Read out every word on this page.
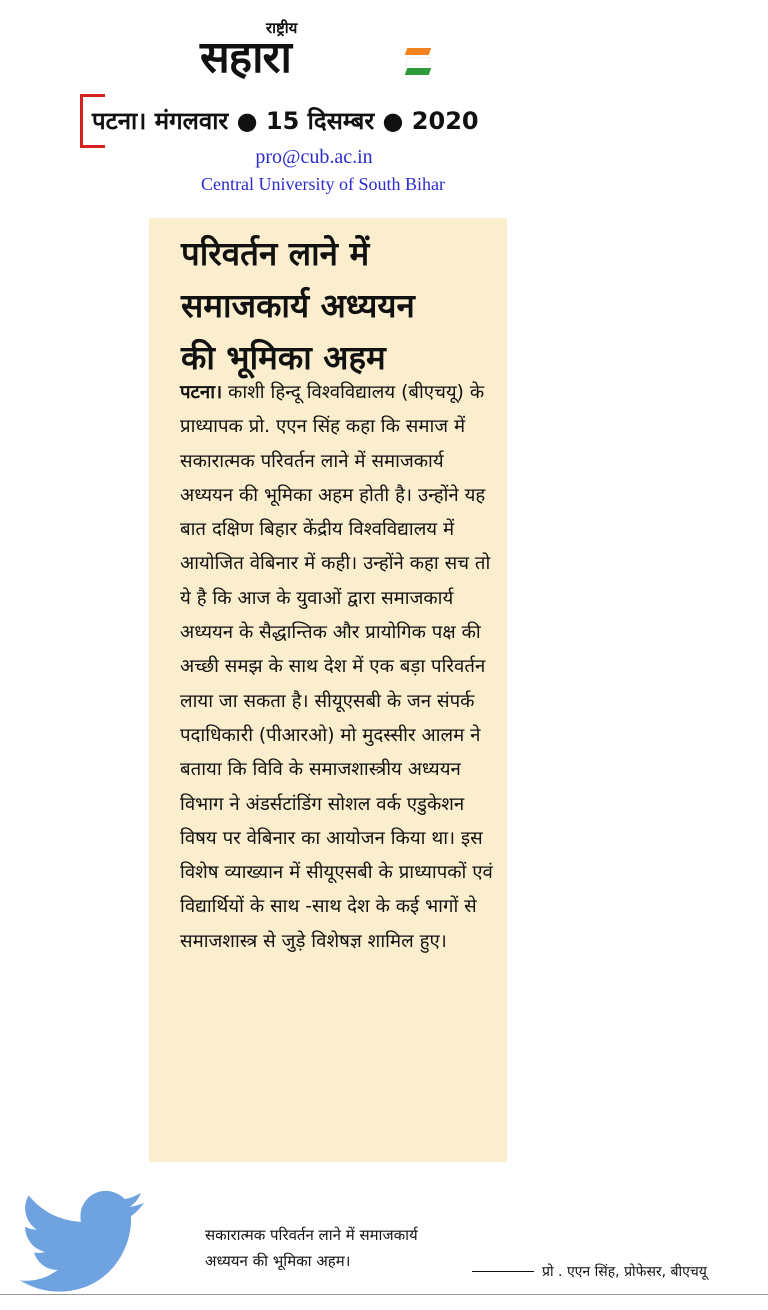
राष्ट्रीय
सहारा
पटना। मंगलवार ● 15 दिसम्बर ● 2020
pro@cub.ac.in
Central University of South Bihar
परिवर्तन लाने में
समाजकार्य अध्ययन
की भूमिका अहम
पटना। काशी हिन्दू विश्वविद्यालय (बीएचयू) के प्राध्यापक प्रो. एएन सिंह कहा कि समाज में सकारात्मक परिवर्तन लाने में समाजकार्य अध्ययन की भूमिका अहम होती है। उन्होंने यह बात दक्षिण बिहार केंद्रीय विश्वविद्यालय में आयोजित वेबिनार में कही। उन्होंने कहा सच तो ये है कि आज के युवाओं द्वारा समाजकार्य अध्ययन के सैद्धान्तिक और प्रायोगिक पक्ष की अच्छी समझ के साथ देश में एक बड़ा परिवर्तन लाया जा सकता है। सीयूएसबी के जन संपर्क पदाधिकारी (पीआरओ) मो मुदस्सीर आलम ने बताया कि विवि के समाजशास्त्रीय अध्ययन विभाग ने अंडर्सटांडिंग सोशल वर्क एडुकेशन विषय पर वेबिनार का आयोजन किया था। इस विशेष व्याख्यान में सीयूएसबी के प्राध्यापकों एवं विद्यार्थियों के साथ -साथ देश के कई भागों से समाजशास्त्र से जुड़े विशेषज्ञ शामिल हुए।
सकारात्मक परिवर्तन लाने में समाजकार्य
अध्ययन की भूमिका अहम।
प्रो . एएन सिंह, प्रोफेसर, बीएचयू
